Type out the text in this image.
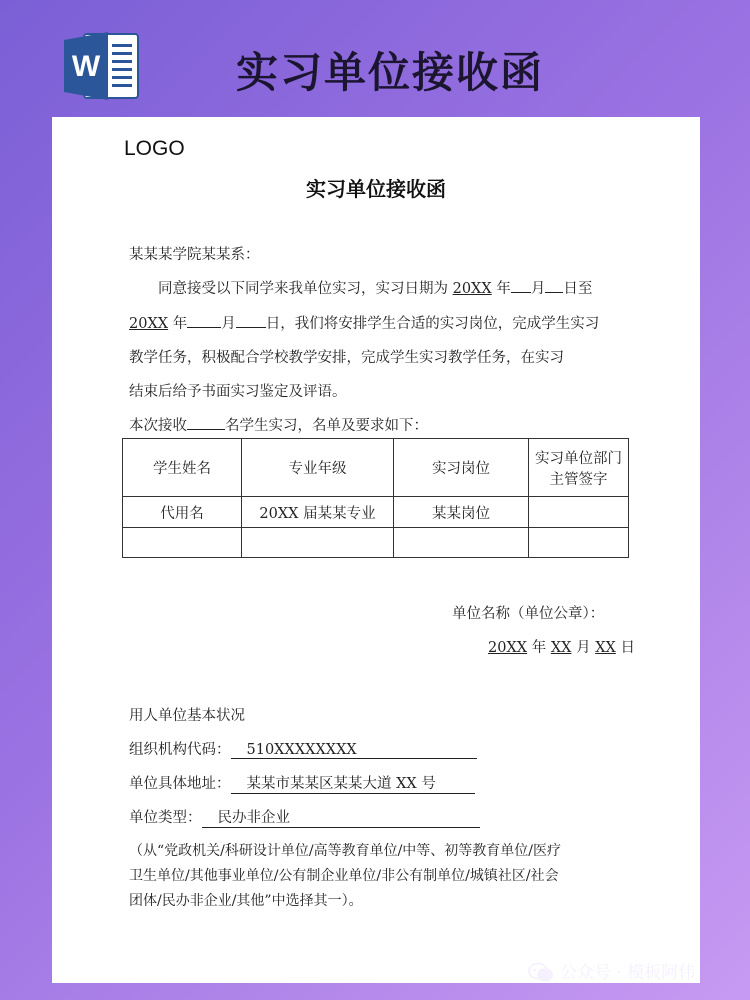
W	实习单位接收函
LOGO
实习单位接收函
某某某学院某某系：
同意接受以下同学来我单位实习，实习日期为 20XX 年 月 日至
20XX 年 月 日，我们将安排学生合适的实习岗位，完成学生实习
教学任务，积极配合学校教学安排，完成学生实习教学任务，在实习
结束后给予书面实习鉴定及评语。
本次接收	名学生实习，名单及要求如下：
学生姓名	专业年级	实习岗位	实习单位部门
主管签字

代用名	20XX 届某某专业	某某岗位	

单位名称（单位公章）：
20XX 年 XX 月 XX 日
用人单位基本状况
组织机构代码： 510XXXXXXXX
单位具体地址： 某某市某某区某某大道 XX 号
单位类型： 民办非企业
（从“党政机关/科研设计单位/高等教育单位/中等、初等教育单位/医疗
卫生单位/其他事业单位/公有制企业单位/非公有制单位/城镇社区/社会
团体/民办非企业/其他”中选择其一）。
公众号 · 模板阿伟
